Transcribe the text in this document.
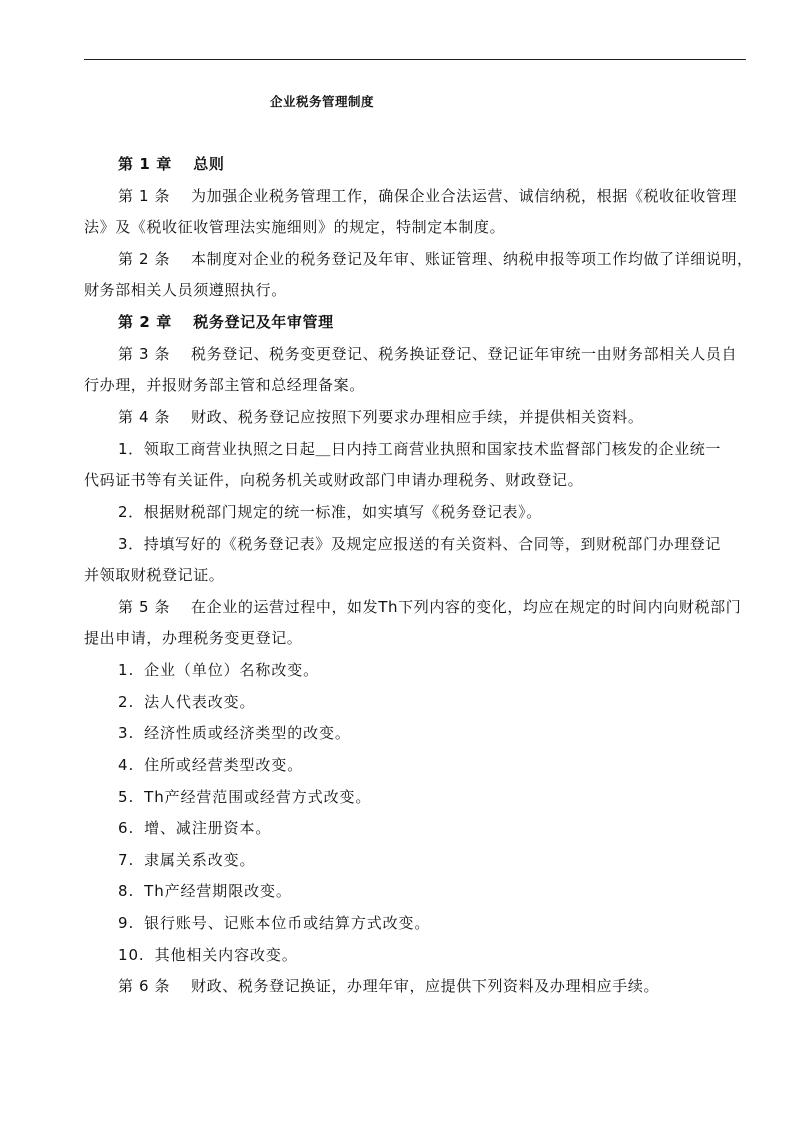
企业税务管理制度
第 1 章　 总则
第 1 条　 为加强企业税务管理工作，确保企业合法运营、诚信纳税，根据《税收征收管理
法》及《税收征收管理法实施细则》的规定，特制定本制度。
第 2 条　 本制度对企业的税务登记及年审、账证管理、纳税申报等项工作均做了详细说明，
财务部相关人员须遵照执行。
第 2 章　 税务登记及年审管理
第 3 条　 税务登记、税务变更登记、税务换证登记、登记证年审统一由财务部相关人员自
行办理，并报财务部主管和总经理备案。
第 4 条　 财政、税务登记应按照下列要求办理相应手续，并提供相关资料。
1．领取工商营业执照之日起＿日内持工商营业执照和国家技术监督部门核发的企业统一
代码证书等有关证件，向税务机关或财政部门申请办理税务、财政登记。
2．根据财税部门规定的统一标准，如实填写《税务登记表》。
3．持填写好的《税务登记表》及规定应报送的有关资料、合同等，到财税部门办理登记
并领取财税登记证。
第 5 条　 在企业的运营过程中，如发Th下列内容的变化，均应在规定的时间内向财税部门
提出申请，办理税务变更登记。
1. 企业（单位）名称改变。
2. 法人代表改变。
3. 经济性质或经济类型的改变。
4. 住所或经营类型改变。
5. Th产经营范围或经营方式改变。
6. 增、减注册资本。
7. 隶属关系改变。
8. Th产经营期限改变。
9. 银行账号、记账本位币或结算方式改变。
10. 其他相关内容改变。
第 6 条　 财政、税务登记换证，办理年审，应提供下列资料及办理相应手续。
